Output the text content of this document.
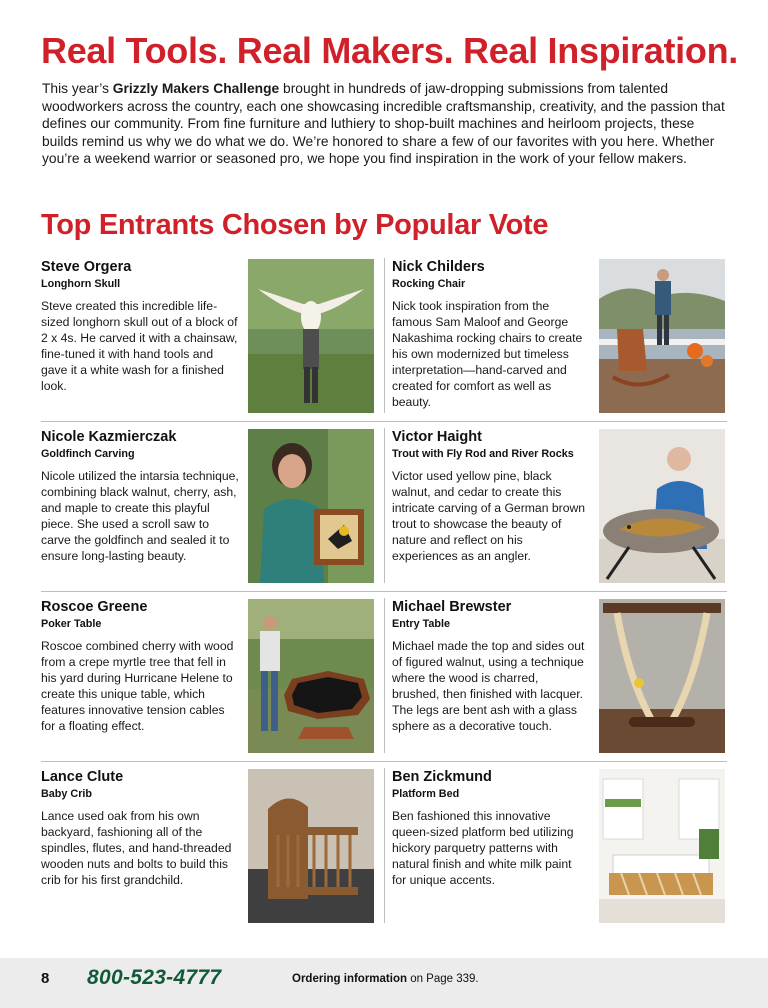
Real Tools. Real Makers. Real Inspiration.

This year’s Grizzly Makers Challenge brought in hundreds of jaw-dropping submissions from talented woodworkers across the country, each one showcasing incredible craftsmanship, creativity, and the passion that defines our community. From fine furniture and luthiery to shop-built machines and heirloom projects, these builds remind us why we do what we do. We’re honored to share a few of our favorites with you here. Whether you’re a weekend warrior or seasoned pro, we hope you find inspiration in the work of your fellow makers.

Top Entrants Chosen by Popular Vote
Steve Orgera
Longhorn Skull
Steve created this incredible life-sized longhorn skull out of a block of 2 x 4s. He carved it with a chainsaw, fine-tuned it with hand tools and gave it a white wash for a finished look.
Nick Childers
Rocking Chair
Nick took inspiration from the famous Sam Maloof and George Nakashima rocking chairs to create his own modernized but timeless interpretation—hand-carved and created for comfort as well as beauty.
Nicole Kazmierczak
Goldfinch Carving
Nicole utilized the intarsia technique, combining black walnut, cherry, ash, and maple to create this playful piece. She used a scroll saw to carve the goldfinch and sealed it to ensure long-lasting beauty.
Victor Haight
Trout with Fly Rod and River Rocks
Victor used yellow pine, black walnut, and cedar to create this intricate carving of a German brown trout to showcase the beauty of nature and reflect on his experiences as an angler.
Roscoe Greene
Poker Table
Roscoe combined cherry with wood from a crepe myrtle tree that fell in his yard during Hurricane Helene to create this unique table, which features innovative tension cables for a floating effect.
Michael Brewster
Entry Table
Michael made the top and sides out of figured walnut, using a technique where the wood is charred, brushed, then finished with lacquer. The legs are bent ash with a glass sphere as a decorative touch.
Lance Clute
Baby Crib
Lance used oak from his own backyard, fashioning all of the spindles, flutes, and hand-threaded wooden nuts and bolts to build this crib for his first grandchild.
Ben Zickmund
Platform Bed
Ben fashioned this innovative queen-sized platform bed utilizing hickory parquetry patterns with natural finish and white milk paint for unique accents.
8 800-523-4777	Ordering information on Page 339.
